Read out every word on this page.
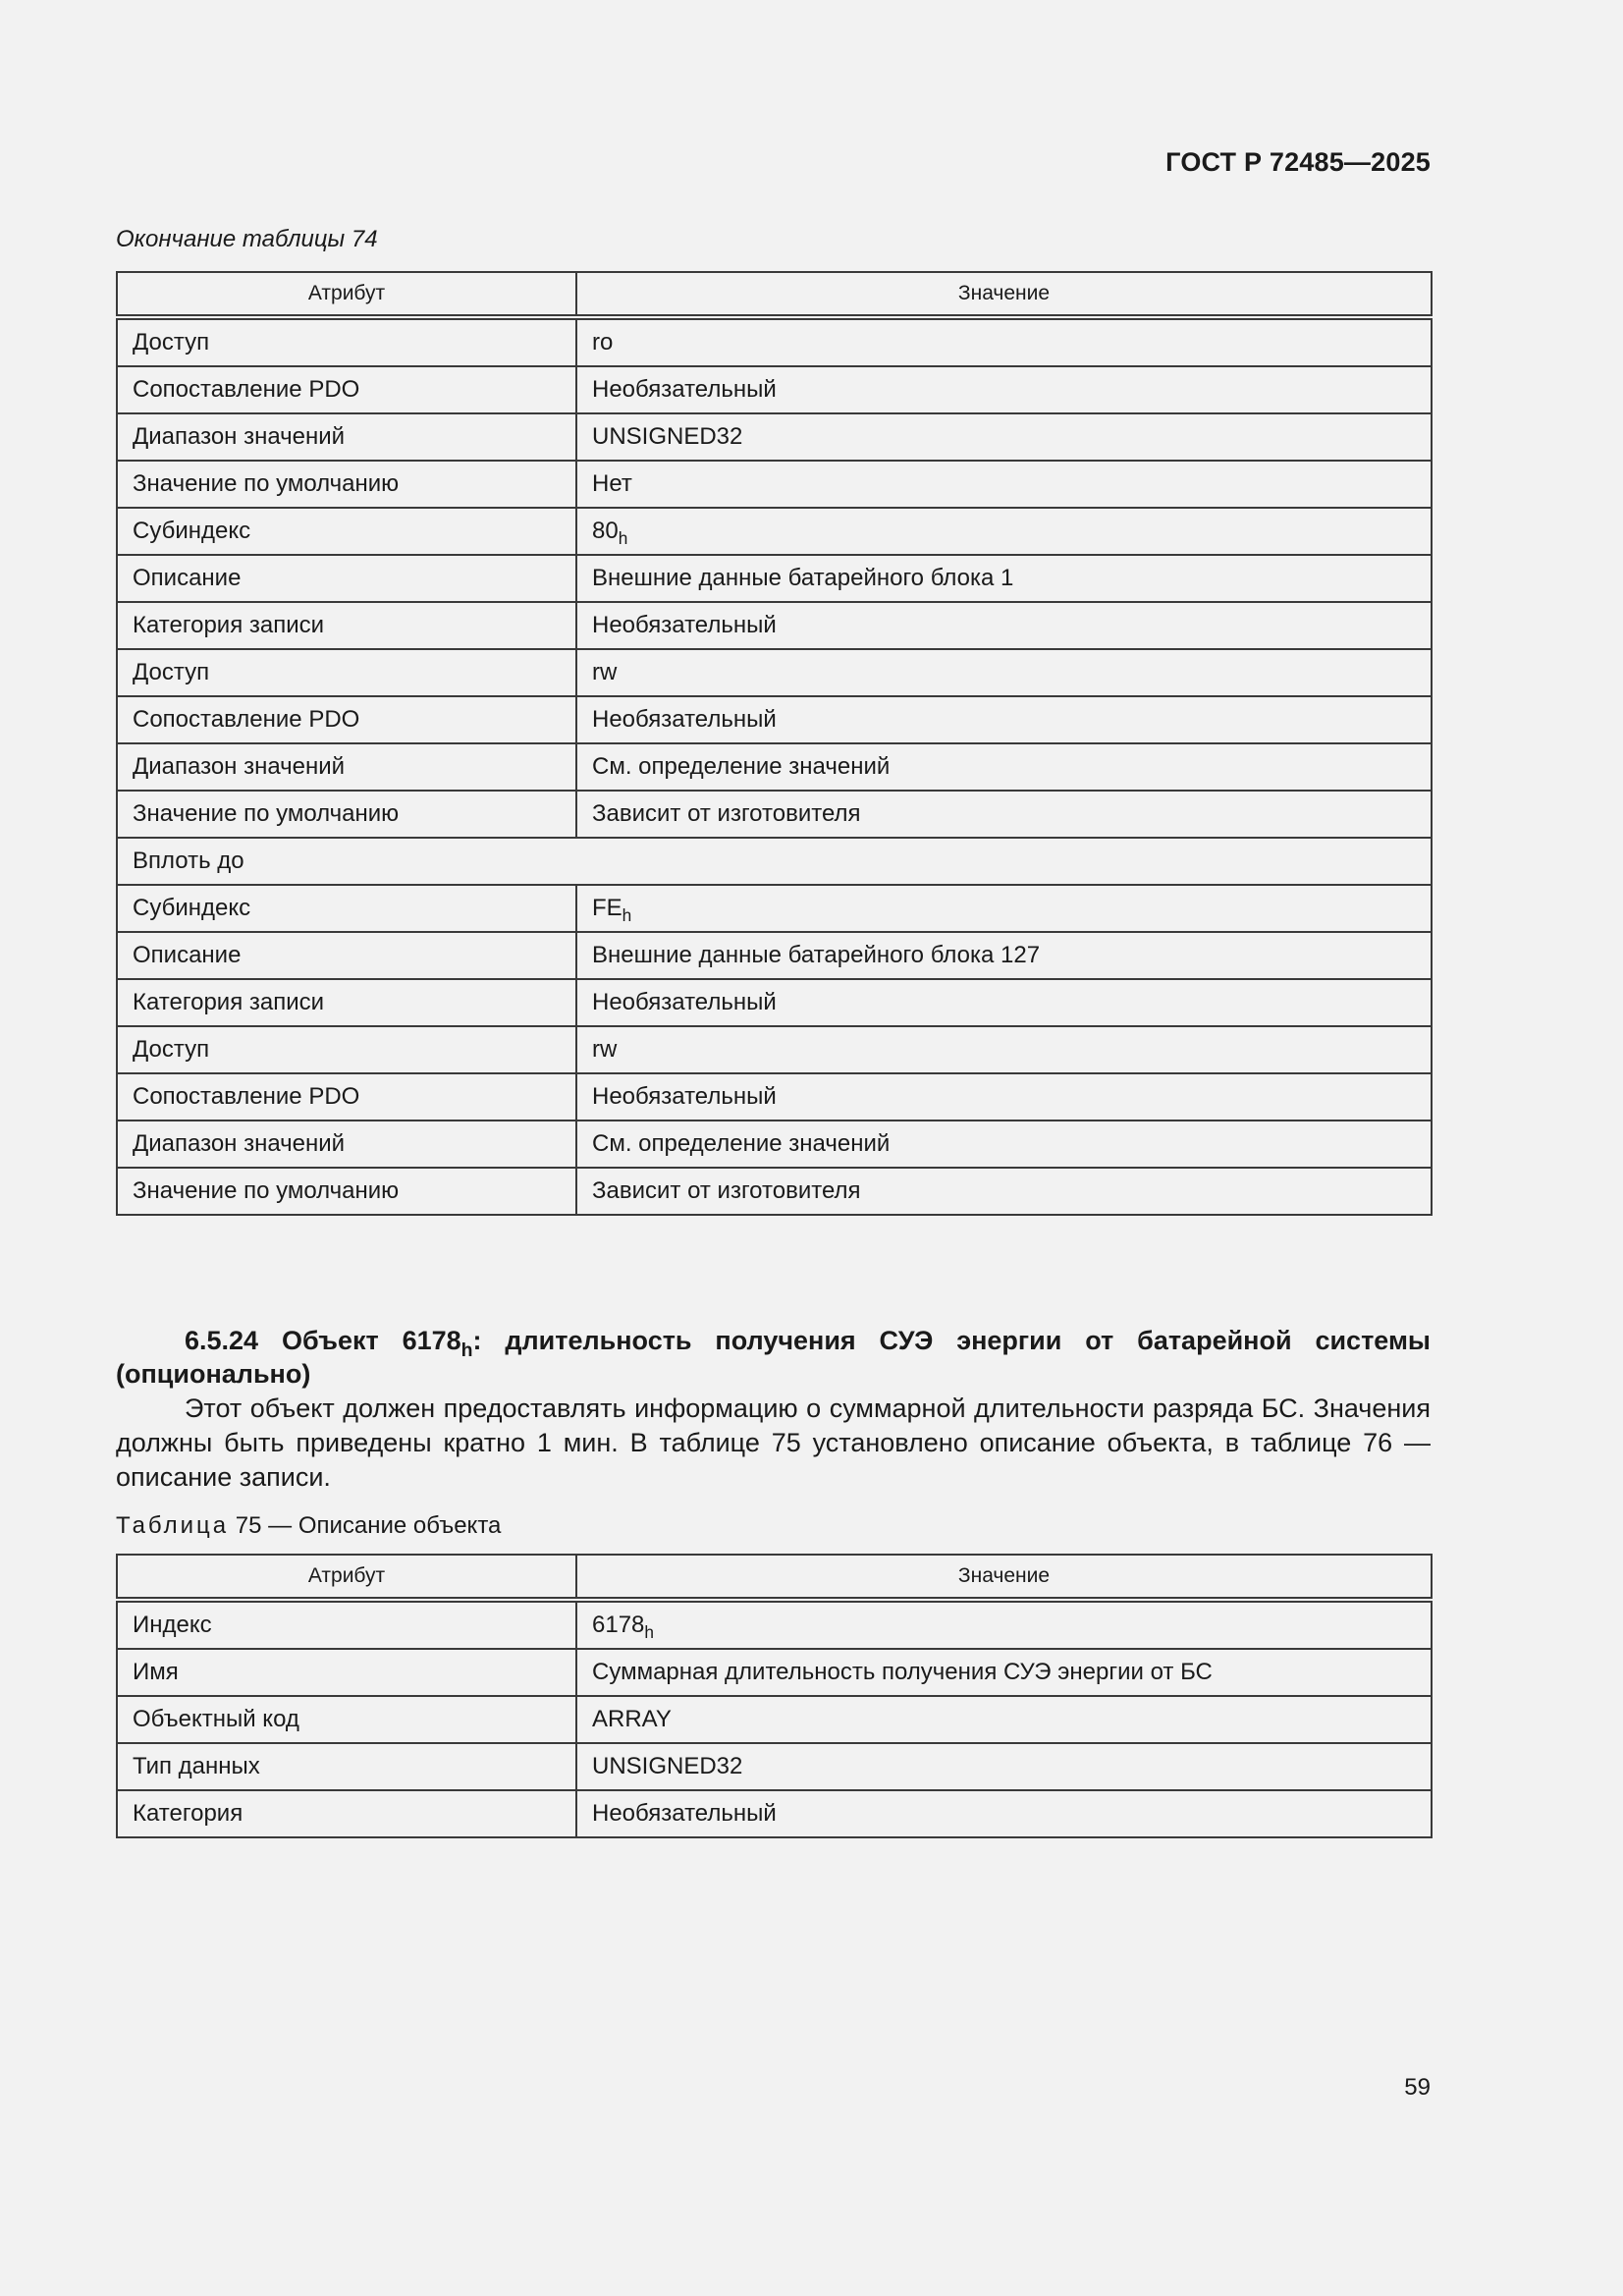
ГОСТ Р 72485—2025
Окончание таблицы 74
Атрибут	Значение
Доступ	ro
Сопоставление PDO	Необязательный
Диапазон значений	UNSIGNED32
Значение по умолчанию	Нет
Субиндекс	$80_h$
Описание	Внешние данные батарейного блока 1
Категория записи	Необязательный
Доступ	rw
Сопоставление PDO	Необязательный
Диапазон значений	См. определение значений
Значение по умолчанию	Зависит от изготовителя
Вплоть до	
Субиндекс	$FE_h$
Описание	Внешние данные батарейного блока 127
Категория записи	Необязательный
Доступ	rw
Сопоставление PDO	Необязательный
Диапазон значений	См. определение значений
Значение по умолчанию	Зависит от изготовителя
6.5.24 Объект $6178_h$: длительность получения СУЭ энергии от батарейной системы (опционально)
Этот объект должен предоставлять информацию о суммарной длительности разряда БС. Значения должны быть приведены кратно 1 мин. В таблице 75 установлено описание объекта, в таблице 76 — описание записи.
Таблица 75 — Описание объекта
Атрибут	Значение
Индекс	$6178_h$
Имя	Суммарная длительность получения СУЭ энергии от БС
Объектный код	ARRAY
Тип данных	UNSIGNED32
Категория	Необязательный
59
